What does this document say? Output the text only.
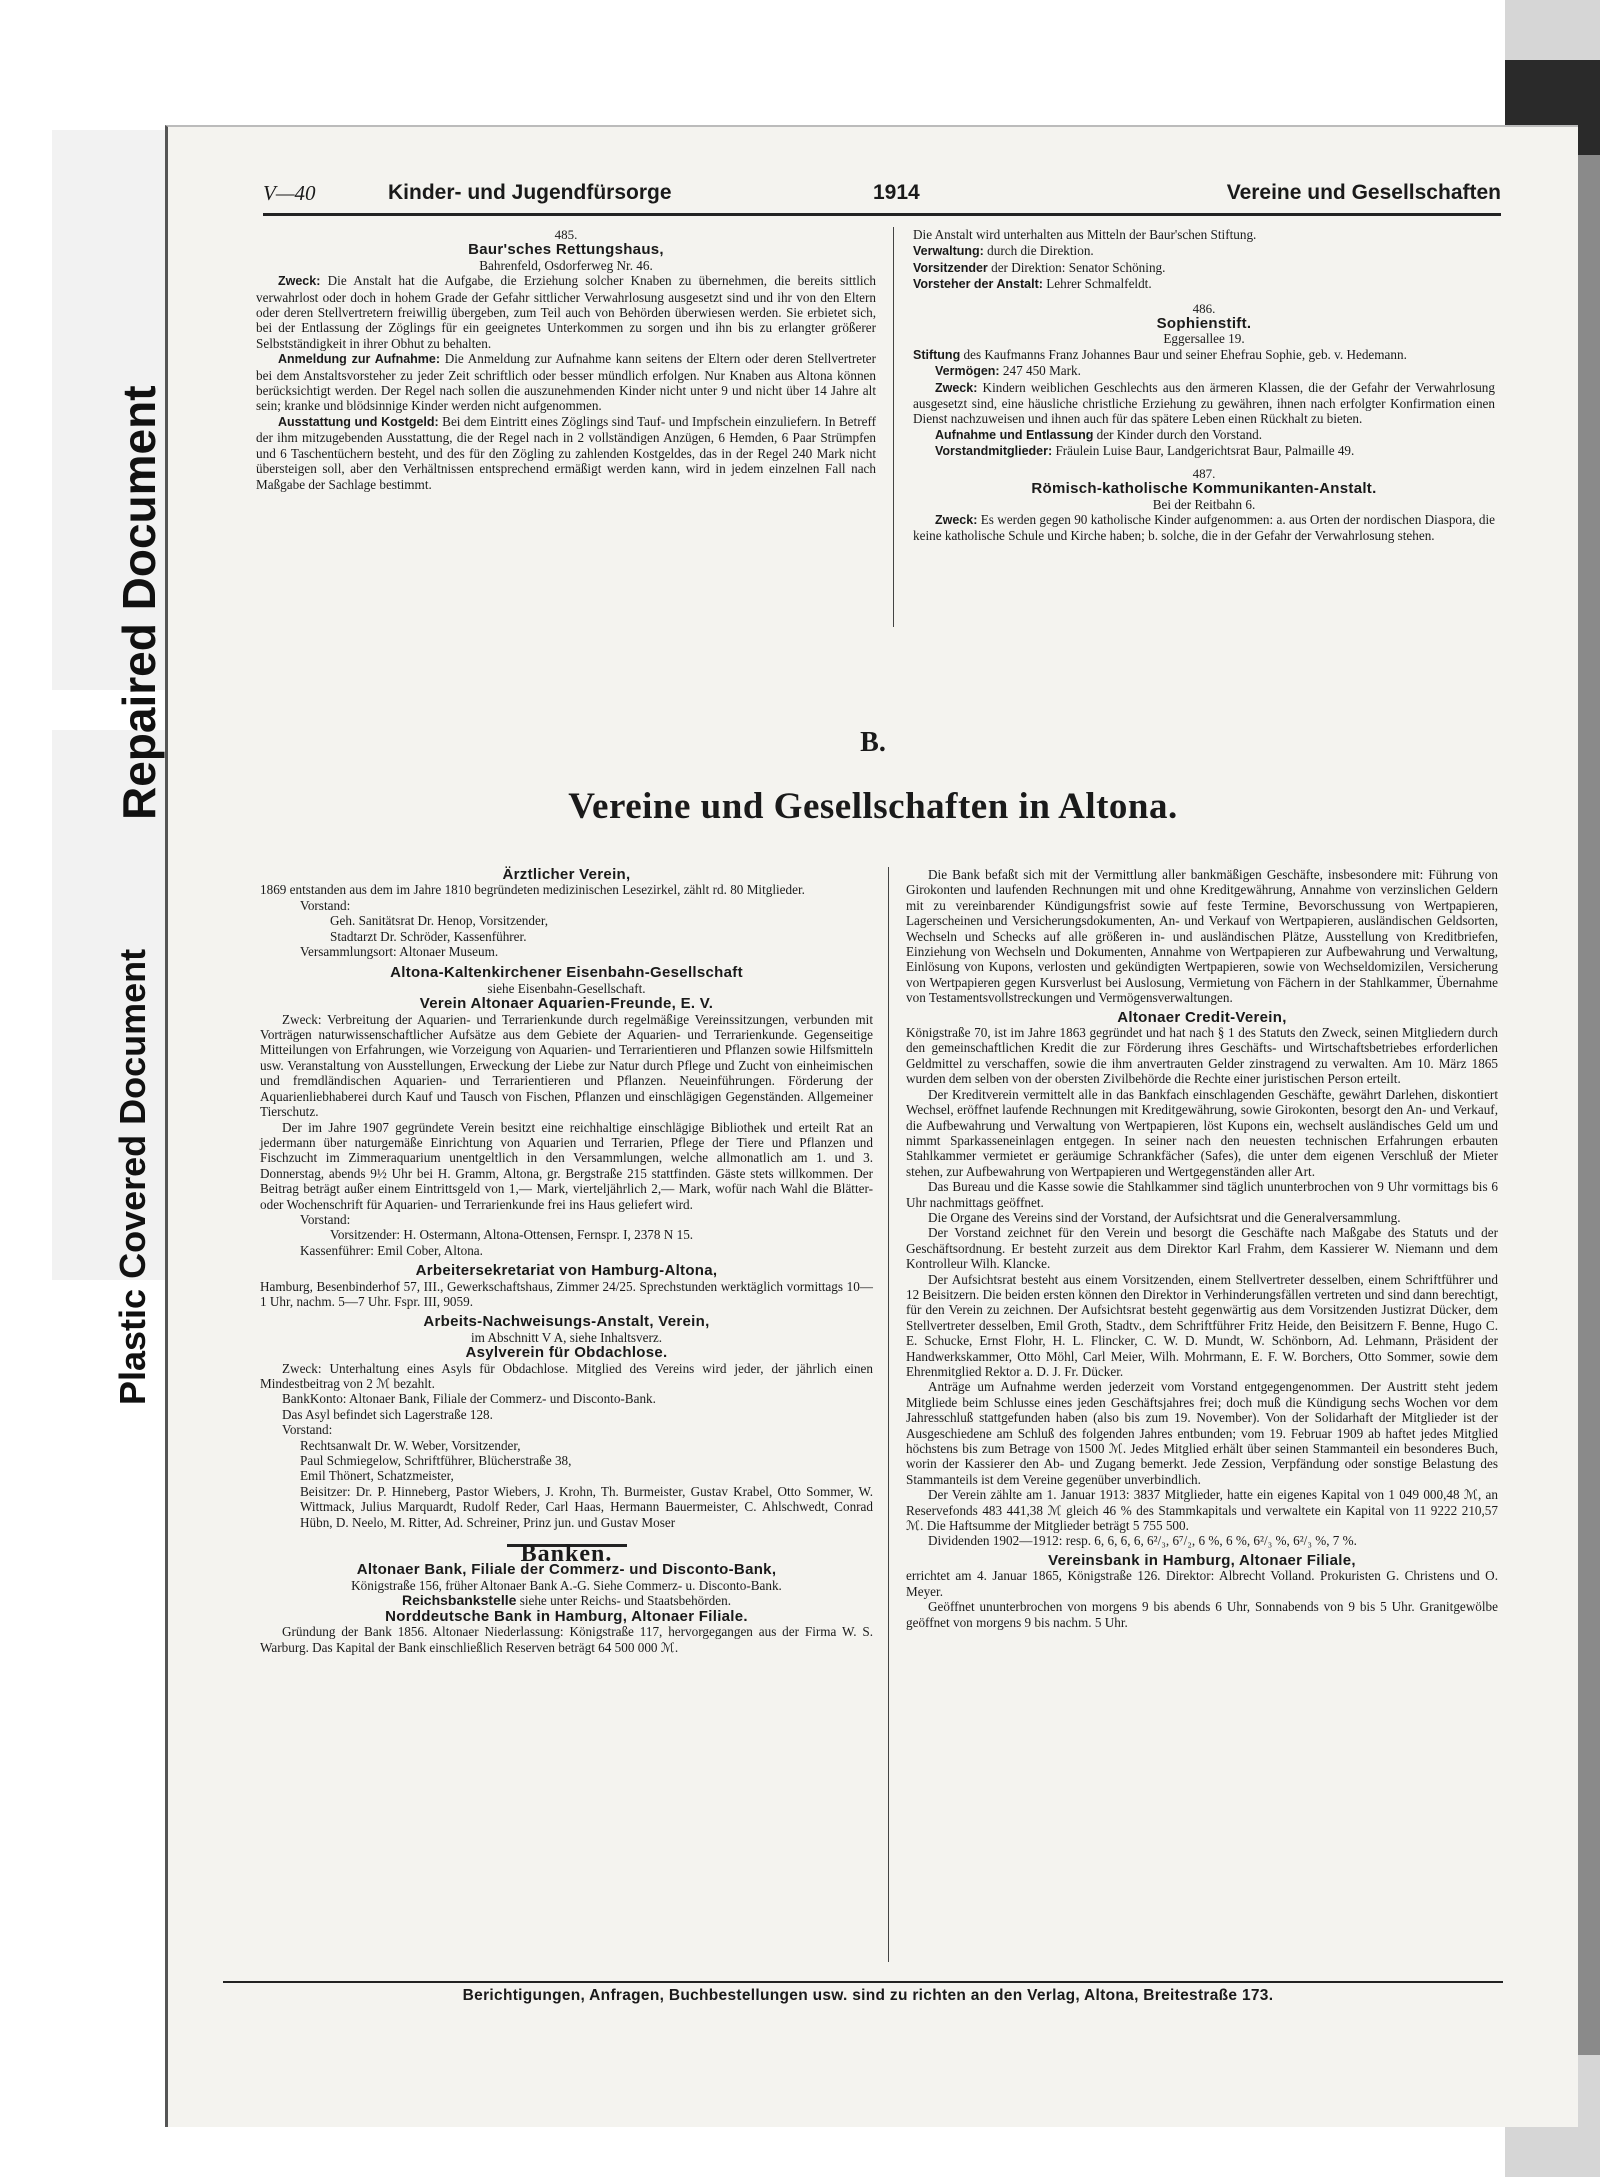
Repaired Document
Plastic Covered Document
V—40	Kinder- und Jugendfürsorge	1914	Vereine und Gesellschaften

485.

Baur'sches Rettungshaus,

Bahrenfeld, Osdorferweg Nr. 46.

Zweck: Die Anstalt hat die Aufgabe, die Erziehung solcher Knaben zu übernehmen, die bereits sittlich verwahrlost oder doch in hohem Grade der Gefahr sittlicher Verwahrlosung ausgesetzt sind und ihr von den Eltern oder deren Stellvertretern freiwillig übergeben, zum Teil auch von Behörden überwiesen werden. Sie erbietet sich, bei der Entlassung der Zöglings für ein geeignetes Unterkommen zu sorgen und ihn bis zu erlangter größerer Selbstständigkeit in ihrer Obhut zu behalten.

Anmeldung zur Aufnahme: Die Anmeldung zur Aufnahme kann seitens der Eltern oder deren Stellvertreter bei dem Anstaltsvorsteher zu jeder Zeit schriftlich oder besser mündlich erfolgen. Nur Knaben aus Altona können berücksichtigt werden. Der Regel nach sollen die auszunehmenden Kinder nicht unter 9 und nicht über 14 Jahre alt sein; kranke und blödsinnige Kinder werden nicht aufgenommen.

Ausstattung und Kostgeld: Bei dem Eintritt eines Zöglings sind Tauf- und Impfschein einzuliefern. In Betreff der ihm mitzugebenden Ausstattung, die der Regel nach in 2 vollständigen Anzügen, 6 Hemden, 6 Paar Strümpfen und 6 Taschentüchern besteht, und des für den Zögling zu zahlenden Kostgeldes, das in der Regel 240 Mark nicht übersteigen soll, aber den Verhältnissen entsprechend ermäßigt werden kann, wird in jedem einzelnen Fall nach Maßgabe der Sachlage bestimmt.

Die Anstalt wird unterhalten aus Mitteln der Baur'schen Stiftung.

Verwaltung: durch die Direktion.

Vorsitzender der Direktion: Senator Schöning.

Vorsteher der Anstalt: Lehrer Schmalfeldt.

486.

Sophienstift.

Eggersallee 19.

Stiftung des Kaufmanns Franz Johannes Baur und seiner Ehefrau Sophie, geb. v. Hedemann.

Vermögen: 247 450 Mark.

Zweck: Kindern weiblichen Geschlechts aus den ärmeren Klassen, die der Gefahr der Verwahrlosung ausgesetzt sind, eine häusliche christliche Erziehung zu gewähren, ihnen nach erfolgter Konfirmation einen Dienst nachzuweisen und ihnen auch für das spätere Leben einen Rückhalt zu bieten.

Aufnahme und Entlassung der Kinder durch den Vorstand.

Vorstandmitglieder: Fräulein Luise Baur, Landgerichtsrat Baur, Palmaille 49.

487.

Römisch-katholische Kommunikanten-Anstalt.

Bei der Reitbahn 6.

Zweck: Es werden gegen 90 katholische Kinder aufgenommen: a. aus Orten der nordischen Diaspora, die keine katholische Schule und Kirche haben; b. solche, die in der Gefahr der Verwahrlosung stehen.

B.
Vereine und Gesellschaften in Altona.

Ärztlicher Verein,

1869 entstanden aus dem im Jahre 1810 begründeten medizinischen Lesezirkel, zählt rd. 80 Mitglieder.

Vorstand:

Geh. Sanitätsrat Dr. Henop, Vorsitzender,

Stadtarzt Dr. Schröder, Kassenführer.

Versammlungsort: Altonaer Museum.

Altona-Kaltenkirchener Eisenbahn-Gesellschaft

siehe Eisenbahn-Gesellschaft.

Verein Altonaer Aquarien-Freunde, E. V.

Zweck: Verbreitung der Aquarien- und Terrarienkunde durch regelmäßige Vereinssitzungen, verbunden mit Vorträgen naturwissenschaftlicher Aufsätze aus dem Gebiete der Aquarien- und Terrarienkunde. Gegenseitige Mitteilungen von Erfahrungen, wie Vorzeigung von Aquarien- und Terrarientieren und Pflanzen sowie Hilfsmitteln usw. Veranstaltung von Ausstellungen, Erweckung der Liebe zur Natur durch Pflege und Zucht von einheimischen und fremdländischen Aquarien- und Terrarientieren und Pflanzen. Neueinführungen. Förderung der Aquarienliebhaberei durch Kauf und Tausch von Fischen, Pflanzen und einschlägigen Gegenständen. Allgemeiner Tierschutz.

Der im Jahre 1907 gegründete Verein besitzt eine reichhaltige einschlägige Bibliothek und erteilt Rat an jedermann über naturgemäße Einrichtung von Aquarien und Terrarien, Pflege der Tiere und Pflanzen und Fischzucht im Zimmeraquarium unentgeltlich in den Versammlungen, welche allmonatlich am 1. und 3. Donnerstag, abends 9½ Uhr bei H. Gramm, Altona, gr. Bergstraße 215 stattfinden. Gäste stets willkommen. Der Beitrag beträgt außer einem Eintrittsgeld von 1,— Mark, vierteljährlich 2,— Mark, wofür nach Wahl die Blätter- oder Wochenschrift für Aquarien- und Terrarienkunde frei ins Haus geliefert wird.

Vorstand:

Vorsitzender: H. Ostermann, Altona-Ottensen, Fernspr. I, 2378 N 15.

Kassenführer: Emil Cober, Altona.

Arbeitersekretariat von Hamburg-Altona,

Hamburg, Besenbinderhof 57, III., Gewerkschaftshaus, Zimmer 24/25. Sprechstunden werktäglich vormittags 10—1 Uhr, nachm. 5—7 Uhr. Fspr. III, 9059.

Arbeits-Nachweisungs-Anstalt, Verein,

im Abschnitt V A, siehe Inhaltsverz.

Asylverein für Obdachlose.

Zweck: Unterhaltung eines Asyls für Obdachlose. Mitglied des Vereins wird jeder, der jährlich einen Mindestbeitrag von 2 ℳ bezahlt.

BankKonto: Altonaer Bank, Filiale der Commerz- und Disconto-Bank.

Das Asyl befindet sich Lagerstraße 128.

Vorstand:

Rechtsanwalt Dr. W. Weber, Vorsitzender,

Paul Schmiegelow, Schriftführer, Blücherstraße 38,

Emil Thönert, Schatzmeister,

Beisitzer: Dr. P. Hinneberg, Pastor Wiebers, J. Krohn, Th. Burmeister, Gustav Krabel, Otto Sommer, W. Wittmack, Julius Marquardt, Rudolf Reder, Carl Haas, Hermann Bauermeister, C. Ahlschwedt, Conrad Hübn, D. Neelo, M. Ritter, Ad. Schreiner, Prinz jun. und Gustav Moser

Banken.

Altonaer Bank, Filiale der Commerz- und Disconto-Bank,

Königstraße 156, früher Altonaer Bank A.-G. Siehe Commerz- u. Disconto-Bank.

Reichsbankstelle siehe unter Reichs- und Staatsbehörden.

Norddeutsche Bank in Hamburg, Altonaer Filiale.

Gründung der Bank 1856. Altonaer Niederlassung: Königstraße 117, hervorgegangen aus der Firma W. S. Warburg. Das Kapital der Bank einschließlich Reserven beträgt 64 500 000 ℳ.

Die Bank befaßt sich mit der Vermittlung aller bankmäßigen Geschäfte, insbesondere mit: Führung von Girokonten und laufenden Rechnungen mit und ohne Kreditgewährung, Annahme von verzinslichen Geldern mit zu vereinbarender Kündigungsfrist sowie auf feste Termine, Bevorschussung von Wertpapieren, Lagerscheinen und Versicherungsdokumenten, An- und Verkauf von Wertpapieren, ausländischen Geldsorten, Wechseln und Schecks auf alle größeren in- und ausländischen Plätze, Ausstellung von Kreditbriefen, Einziehung von Wechseln und Dokumenten, Annahme von Wertpapieren zur Aufbewahrung und Verwaltung, Einlösung von Kupons, verlosten und gekündigten Wertpapieren, sowie von Wechseldomizilen, Versicherung von Wertpapieren gegen Kursverlust bei Auslosung, Vermietung von Fächern in der Stahlkammer, Übernahme von Testamentsvollstreckungen und Vermögensverwaltungen.

Altonaer Credit-Verein,

Königstraße 70, ist im Jahre 1863 gegründet und hat nach § 1 des Statuts den Zweck, seinen Mitgliedern durch den gemeinschaftlichen Kredit die zur Förderung ihres Geschäfts- und Wirtschaftsbetriebes erforderlichen Geldmittel zu verschaffen, sowie die ihm anvertrauten Gelder zinstragend zu verwalten. Am 10. März 1865 wurden dem selben von der obersten Zivilbehörde die Rechte einer juristischen Person erteilt.

Der Kreditverein vermittelt alle in das Bankfach einschlagenden Geschäfte, gewährt Darlehen, diskontiert Wechsel, eröffnet laufende Rechnungen mit Kreditgewährung, sowie Girokonten, besorgt den An- und Verkauf, die Aufbewahrung und Verwaltung von Wertpapieren, löst Kupons ein, wechselt ausländisches Geld um und nimmt Sparkasseneinlagen entgegen. In seiner nach den neuesten technischen Erfahrungen erbauten Stahlkammer vermietet er geräumige Schrankfächer (Safes), die unter dem eigenen Verschluß der Mieter stehen, zur Aufbewahrung von Wertpapieren und Wertgegenständen aller Art.

Das Bureau und die Kasse sowie die Stahlkammer sind täglich ununterbrochen von 9 Uhr vormittags bis 6 Uhr nachmittags geöffnet.

Die Organe des Vereins sind der Vorstand, der Aufsichtsrat und die Generalversammlung.

Der Vorstand zeichnet für den Verein und besorgt die Geschäfte nach Maßgabe des Statuts und der Geschäftsordnung. Er besteht zurzeit aus dem Direktor Karl Frahm, dem Kassierer W. Niemann und dem Kontrolleur Wilh. Klancke.

Der Aufsichtsrat besteht aus einem Vorsitzenden, einem Stellvertreter desselben, einem Schriftführer und 12 Beisitzern. Die beiden ersten können den Direktor in Verhinderungsfällen vertreten und sind dann berechtigt, für den Verein zu zeichnen. Der Aufsichtsrat besteht gegenwärtig aus dem Vorsitzenden Justizrat Dücker, dem Stellvertreter desselben, Emil Groth, Stadtv., dem Schriftführer Fritz Heide, den Beisitzern F. Benne, Hugo C. E. Schucke, Ernst Flohr, H. L. Flincker, C. W. D. Mundt, W. Schönborn, Ad. Lehmann, Präsident der Handwerkskammer, Otto Möhl, Carl Meier, Wilh. Mohrmann, E. F. W. Borchers, Otto Sommer, sowie dem Ehrenmitglied Rektor a. D. J. Fr. Dücker.

Anträge um Aufnahme werden jederzeit vom Vorstand entgegengenommen. Der Austritt steht jedem Mitgliede beim Schlusse eines jeden Geschäftsjahres frei; doch muß die Kündigung sechs Wochen vor dem Jahresschluß stattgefunden haben (also bis zum 19. November). Von der Solidarhaft der Mitglieder ist der Ausgeschiedene am Schluß des folgenden Jahres entbunden; vom 19. Februar 1909 ab haftet jedes Mitglied höchstens bis zum Betrage von 1500 ℳ. Jedes Mitglied erhält über seinen Stammanteil ein besonderes Buch, worin der Kassierer den Ab- und Zugang bemerkt. Jede Zession, Verpfändung oder sonstige Belastung des Stammanteils ist dem Vereine gegenüber unverbindlich.

Der Verein zählte am 1. Januar 1913: 3837 Mitglieder, hatte ein eigenes Kapital von 1 049 000,48 ℳ, an Reservefonds 483 441,38 ℳ gleich 46 % des Stammkapitals und verwaltete ein Kapital von 11 9222 210,57 ℳ. Die Haftsumme der Mitglieder beträgt 5 755 500.

Dividenden 1902—1912: resp. 6, 6, 6, 6, 6²/₃, 6⁷/₂, 6 %, 6 %, 6²/₃ %, 6²/₃ %, 7 %.

Vereinsbank in Hamburg, Altonaer Filiale,

errichtet am 4. Januar 1865, Königstraße 126. Direktor: Albrecht Volland. Prokuristen G. Christens und O. Meyer.

Geöffnet ununterbrochen von morgens 9 bis abends 6 Uhr, Sonnabends von 9 bis 5 Uhr. Granitgewölbe geöffnet von morgens 9 bis nachm. 5 Uhr.

Berichtigungen, Anfragen, Buchbestellungen usw. sind zu richten an den Verlag, Altona, Breitestraße 173.
